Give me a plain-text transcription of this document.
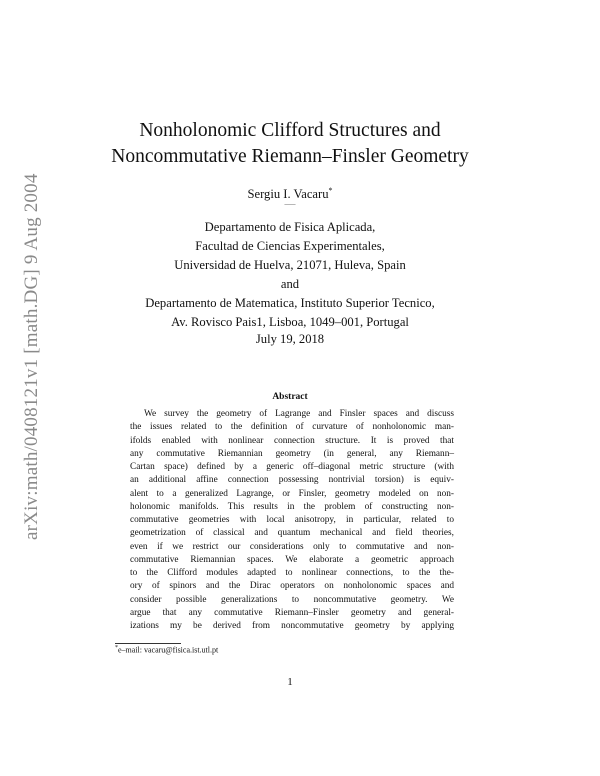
arXiv:math/0408121v1 [math.DG] 9 Aug 2004
Nonholonomic Clifford Structures and
Noncommutative Riemann–Finsler Geometry
Sergiu I. Vacaru*
—
Departamento de Fisica Aplicada,
Facultad de Ciencias Experimentales,
Universidad de Huelva, 21071, Huleva, Spain
and
Departamento de Matematica, Instituto Superior Tecnico,
Av. Rovisco Pais1, Lisboa, 1049–001, Portugal
July 19, 2018
Abstract
We survey the geometry of Lagrange and Finsler spaces and discuss
the issues related to the definition of curvature of nonholonomic man-
ifolds enabled with nonlinear connection structure. It is proved that
any commutative Riemannian geometry (in general, any Riemann–
Cartan space) defined by a generic off–diagonal metric structure (with
an additional affine connection possessing nontrivial torsion) is equiv-
alent to a generalized Lagrange, or Finsler, geometry modeled on non-
holonomic manifolds. This results in the problem of constructing non-
commutative geometries with local anisotropy, in particular, related to
geometrization of classical and quantum mechanical and field theories,
even if we restrict our considerations only to commutative and non-
commutative Riemannian spaces. We elaborate a geometric approach
to the Clifford modules adapted to nonlinear connections, to the the-
ory of spinors and the Dirac operators on nonholonomic spaces and
consider possible generalizations to noncommutative geometry. We
argue that any commutative Riemann–Finsler geometry and general-
izations my be derived from noncommutative geometry by applying
*e–mail: vacaru@fisica.ist.utl.pt
1
